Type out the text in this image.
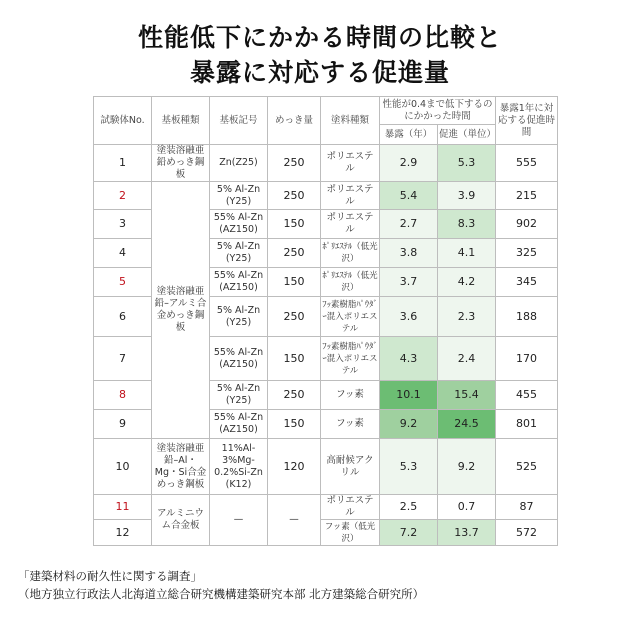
性能低下にかかる時間の比較と
暴露に対応する促進量
試験体No.	基板種類	基板記号	めっき量	塗料種類	性能が0.4まで低下するのにかかった時間		暴露1年に対応する促進時間
					暴露（年）	促進（単位）	
1	塗装溶融亜鉛めっき鋼板	Zn(Z25)	250	ポリエステル	2.9	5.3	555
2	塗装溶融亜鉛–アルミ合金めっき鋼板	5% Al-Zn (Y25)	250	ポリエステル	5.4	3.9	215
3		55% Al-Zn (AZ150)	150	ポリエステル	2.7	8.3	902
4		5% Al-Zn (Y25)	250	ﾎﾟﾘｴｽﾃﾙ（低光沢）	3.8	4.1	325
5		55% Al-Zn (AZ150)	150	ﾎﾟﾘｴｽﾃﾙ（低光沢）	3.7	4.2	345
6		5% Al-Zn (Y25)	250	ﾌｯ素樹脂ﾊﾟｳﾀﾞｰ混入ポリエステル	3.6	2.3	188
7		55% Al-Zn (AZ150)	150	ﾌｯ素樹脂ﾊﾟｳﾀﾞｰ混入ポリエステル	4.3	2.4	170
8		5% Al-Zn (Y25)	250	フッ素	10.1	15.4	455
9		55% Al-Zn (AZ150)	150	フッ素	9.2	24.5	801
10	塗装溶融亜鉛–Al・Mg・Si合金めっき鋼板	11%Al-3%Mg-0.2%Si-Zn (K12)	120	高耐候アクリル	5.3	9.2	525
11	アルミニウム合金板	—	—	ポリエステル	2.5	0.7	87
12				フッ素（低光沢）	7.2	13.7	572
「建築材料の耐久性に関する調査」
（地方独立行政法人北海道立総合研究機構建築研究本部 北方建築総合研究所）
